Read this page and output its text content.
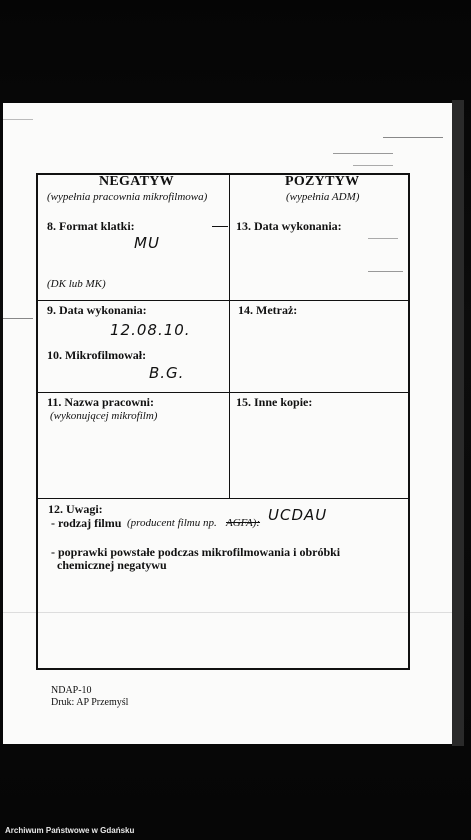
NEGATYW
(wypełnia pracownia mikrofilmowa)
POZYTYW
(wypełnia ADM)
8. Format klatki:
MU
(DK lub MK)
13. Data wykonania:
9. Data wykonania:
12.08.10.
10. Mikrofilmował:
B.G.
14. Metraż:
11. Nazwa pracowni:
(wykonującej mikrofilm)
15. Inne kopie:
12. Uwagi:
- rodzaj filmu (producent filmu np. AGFA): UCDAU
- poprawki powstałe podczas mikrofilmowania i obróbki
chemicznej negatywu
NDAP-10
Druk: AP Przemyśl
Archiwum Państwowe w Gdańsku
